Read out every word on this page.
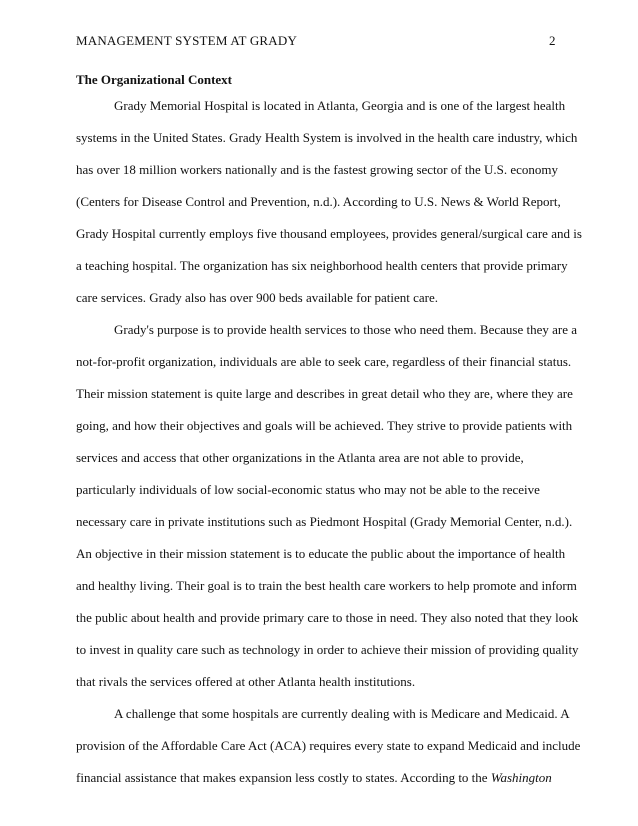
MANAGEMENT SYSTEM AT GRADY	2
The Organizational Context
Grady Memorial Hospital is located in Atlanta, Georgia and is one of the largest health
systems in the United States. Grady Health System is involved in the health care industry, which
has over 18 million workers nationally and is the fastest growing sector of the U.S. economy
(Centers for Disease Control and Prevention, n.d.). According to U.S. News & World Report,
Grady Hospital currently employs five thousand employees, provides general/surgical care and is
a teaching hospital. The organization has six neighborhood health centers that provide primary
care services. Grady also has over 900 beds available for patient care.
Grady's purpose is to provide health services to those who need them. Because they are a
not-for-profit organization, individuals are able to seek care, regardless of their financial status.
Their mission statement is quite large and describes in great detail who they are, where they are
going, and how their objectives and goals will be achieved. They strive to provide patients with
services and access that other organizations in the Atlanta area are not able to provide,
particularly individuals of low social-economic status who may not be able to the receive
necessary care in private institutions such as Piedmont Hospital (Grady Memorial Center, n.d.).
An objective in their mission statement is to educate the public about the importance of health
and healthy living. Their goal is to train the best health care workers to help promote and inform
the public about health and provide primary care to those in need. They also noted that they look
to invest in quality care such as technology in order to achieve their mission of providing quality
that rivals the services offered at other Atlanta health institutions.
A challenge that some hospitals are currently dealing with is Medicare and Medicaid. A
provision of the Affordable Care Act (ACA) requires every state to expand Medicaid and include
financial assistance that makes expansion less costly to states. According to the Washington
